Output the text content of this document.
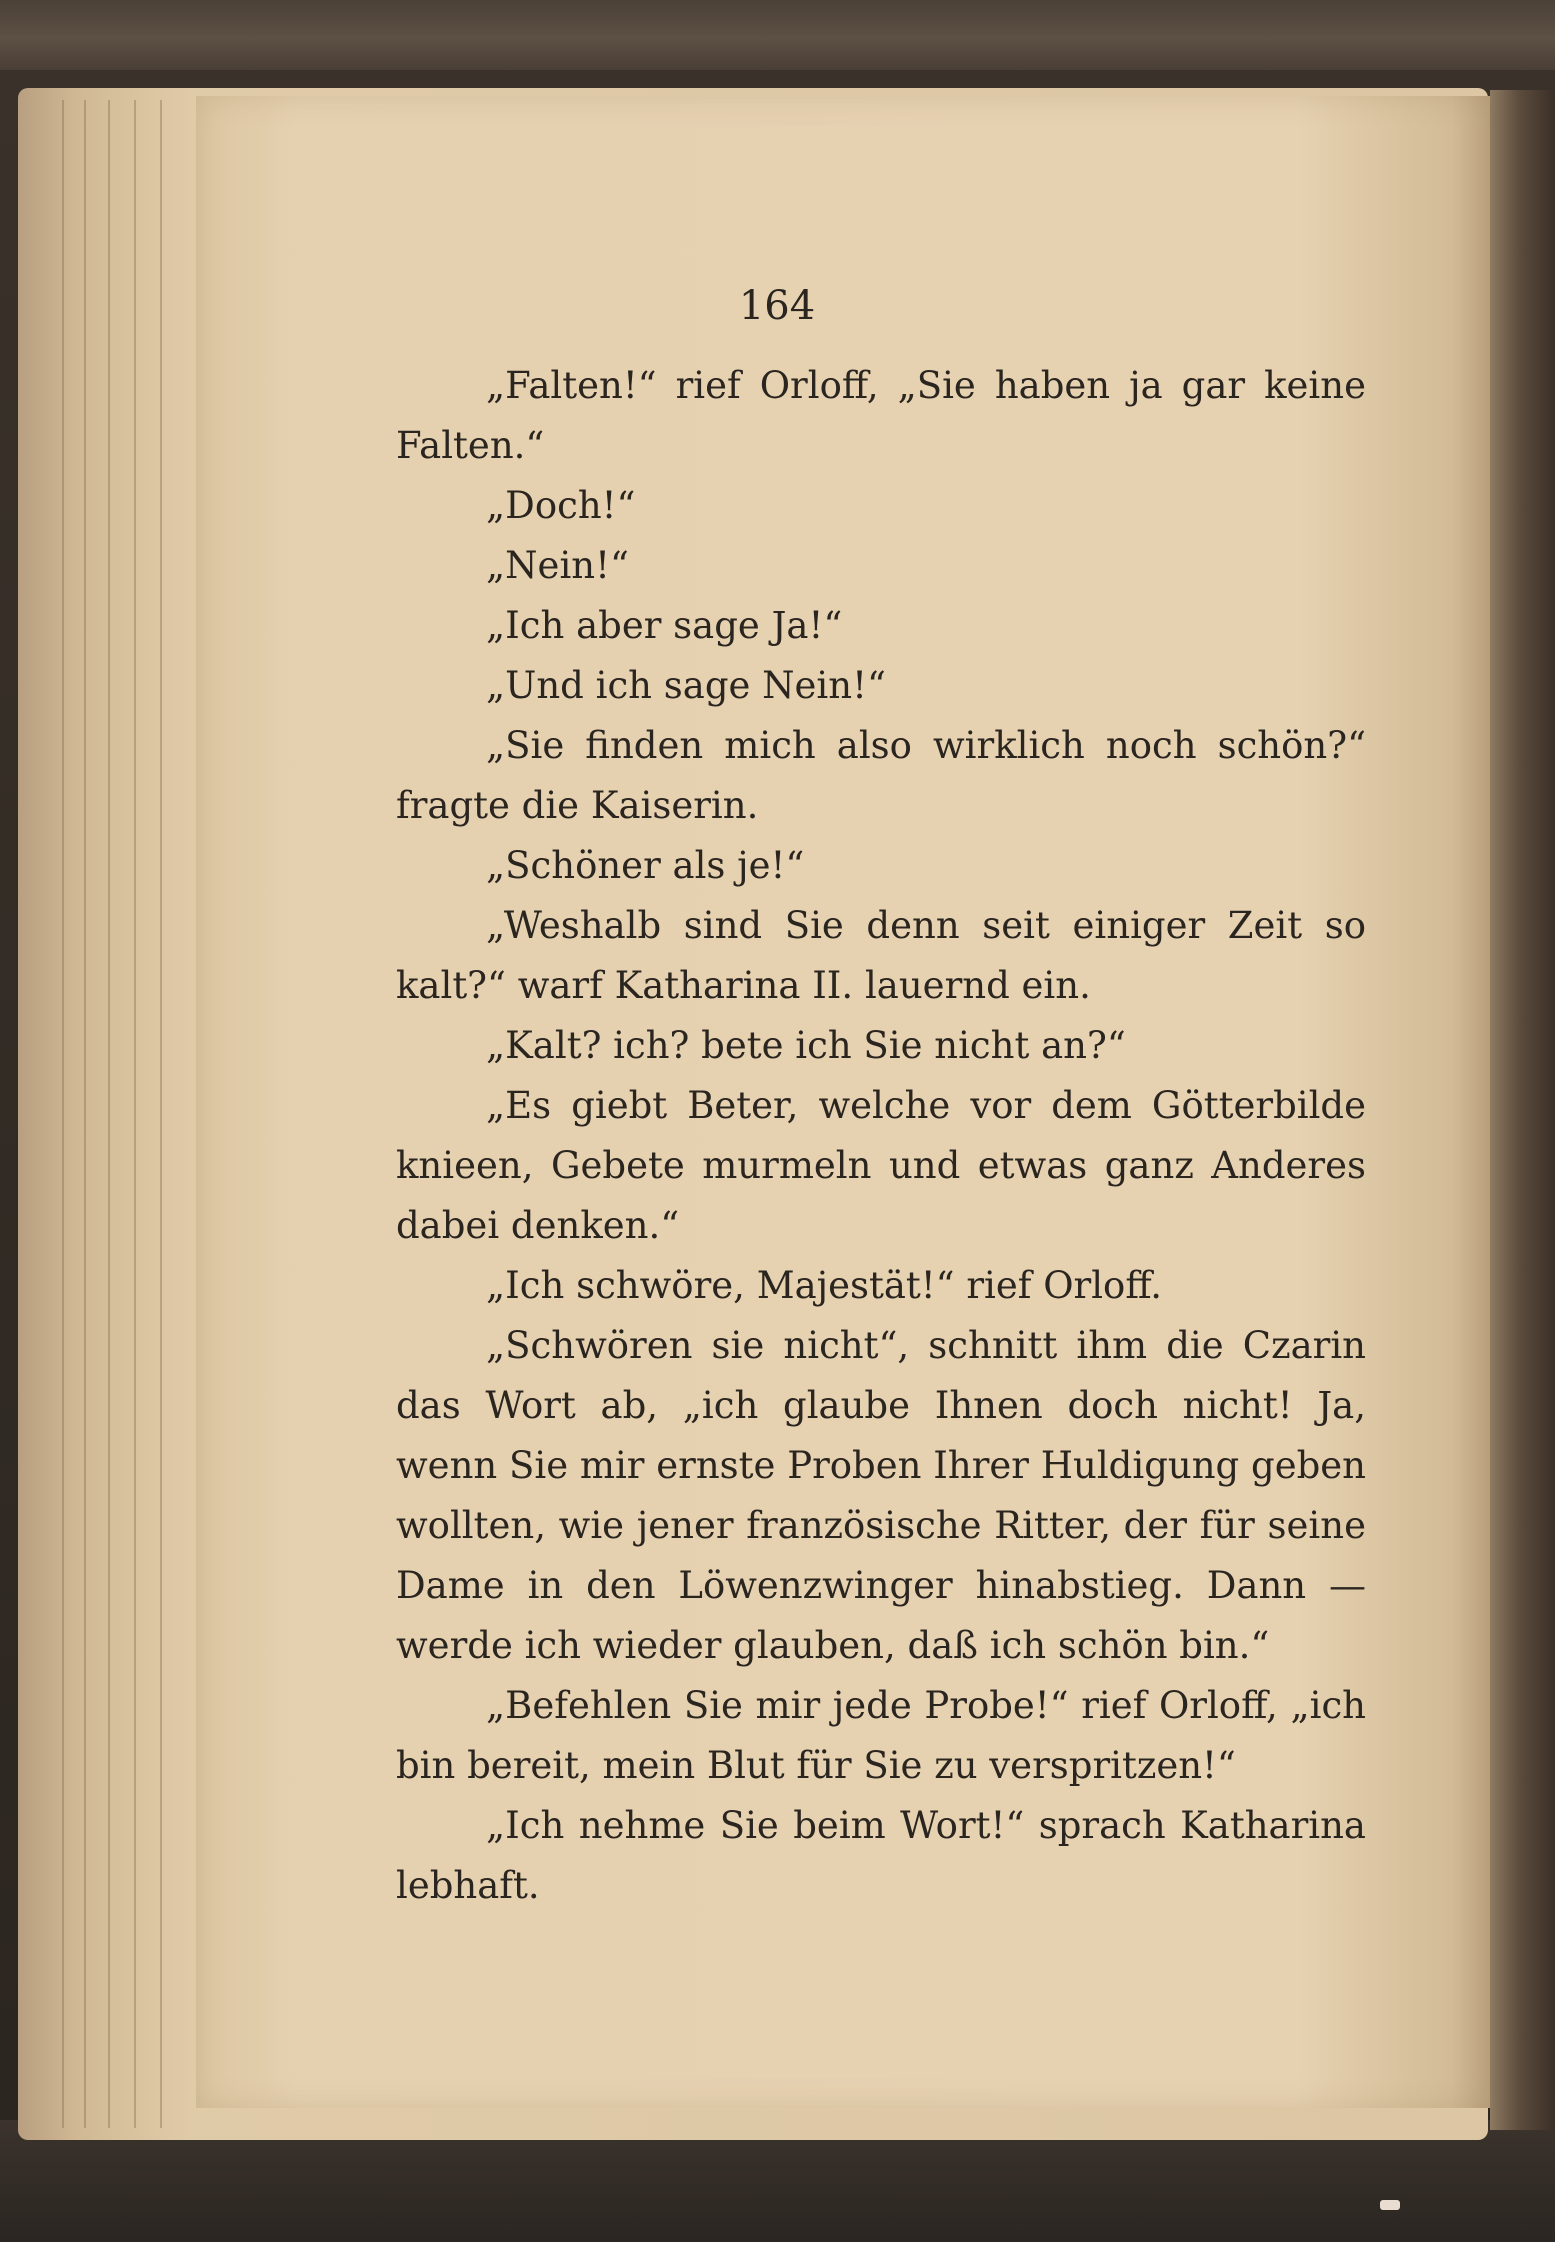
164

„Falten!“ rief Orloff, „Sie haben ja gar keine Falten.“

„Doch!“

„Nein!“

„Ich aber sage Ja!“

„Und ich sage Nein!“

„Sie finden mich also wirklich noch schön?“ fragte die Kaiserin.

„Schöner als je!“

„Weshalb sind Sie denn seit einiger Zeit so kalt?“ warf Katharina II. lauernd ein.

„Kalt? ich? bete ich Sie nicht an?“

„Es giebt Beter, welche vor dem Götterbilde knieen, Gebete murmeln und etwas ganz Anderes dabei denken.“

„Ich schwöre, Majestät!“ rief Orloff.

„Schwören sie nicht“, schnitt ihm die Czarin das Wort ab, „ich glaube Ihnen doch nicht! Ja, wenn Sie mir ernste Proben Ihrer Huldigung geben wollten, wie jener französische Ritter, der für seine Dame in den Löwenzwinger hinabstieg. Dann — werde ich wieder glauben, daß ich schön bin.“

„Befehlen Sie mir jede Probe!“ rief Orloff, „ich bin bereit, mein Blut für Sie zu verspritzen!“

„Ich nehme Sie beim Wort!“ sprach Katharina lebhaft.
